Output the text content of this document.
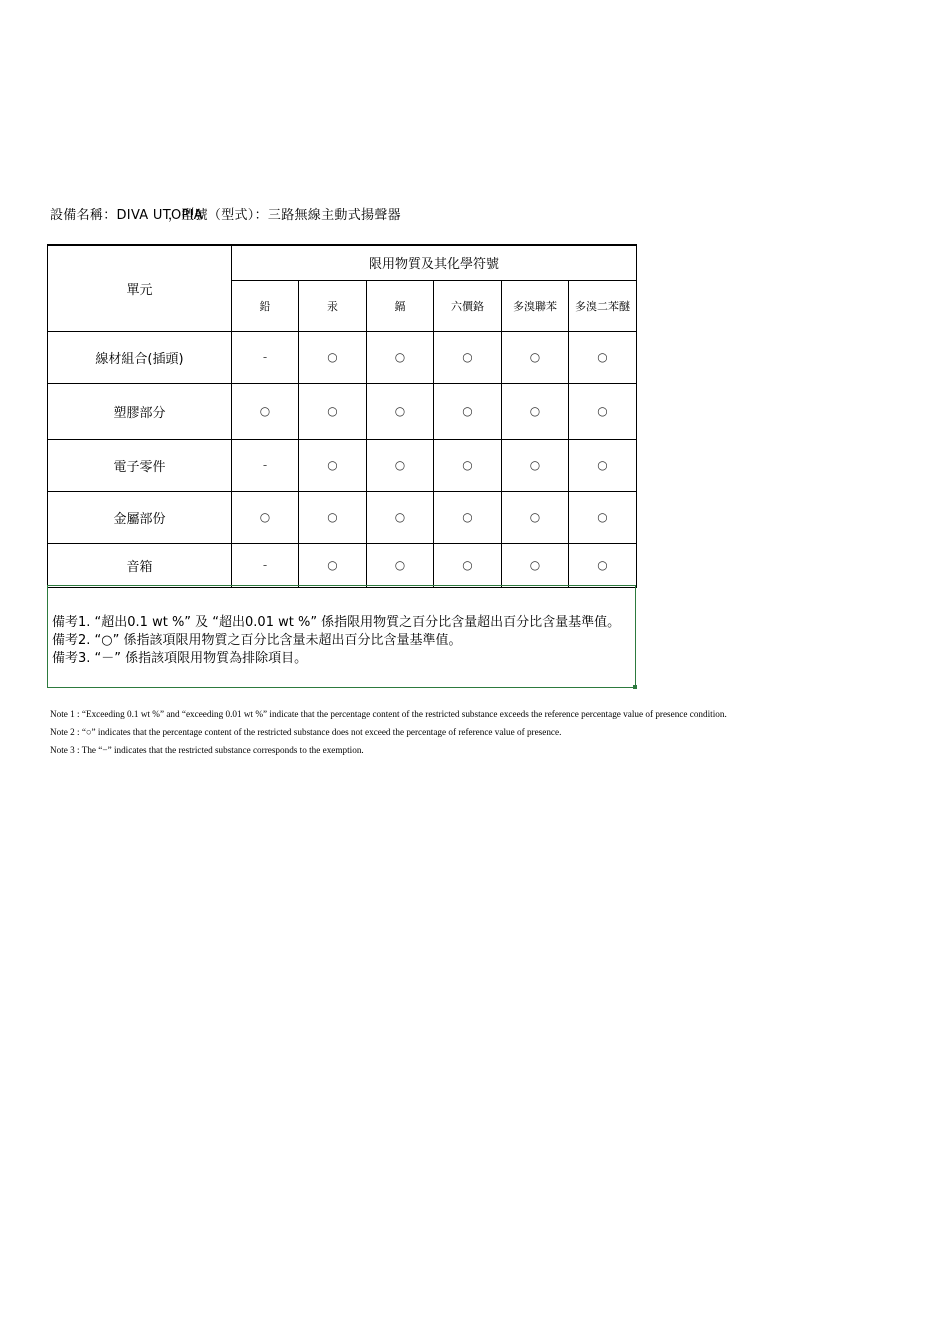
設備名稱：DIVA UTOPIA，型號（型式）：三路無線主動式揚聲器
單元	限用物質及其化學符號					
	鉛	汞	鎘	六價鉻	多溴聯苯	多溴二苯醚
線材組合(插頭)	-	○	○	○	○	○
塑膠部分	○	○	○	○	○	○
電子零件	-	○	○	○	○	○
金屬部份	○	○	○	○	○	○
音箱	-	○	○	○	○	○
備考1. “超出0.1 wt %” 及 “超出0.01 wt %” 係指限用物質之百分比含量超出百分比含量基準值。
備考2. “○” 係指該項限用物質之百分比含量未超出百分比含量基準值。
備考3. “－” 係指該項限用物質為排除項目。
Note 1 : “Exceeding 0.1 wt %” and “exceeding 0.01 wt %” indicate that the percentage content of the restricted substance exceeds the reference percentage value of presence condition.
Note 2 : “○” indicates that the percentage content of the restricted substance does not exceed the percentage of reference value of presence.
Note 3 : The “−” indicates that the restricted substance corresponds to the exemption.
